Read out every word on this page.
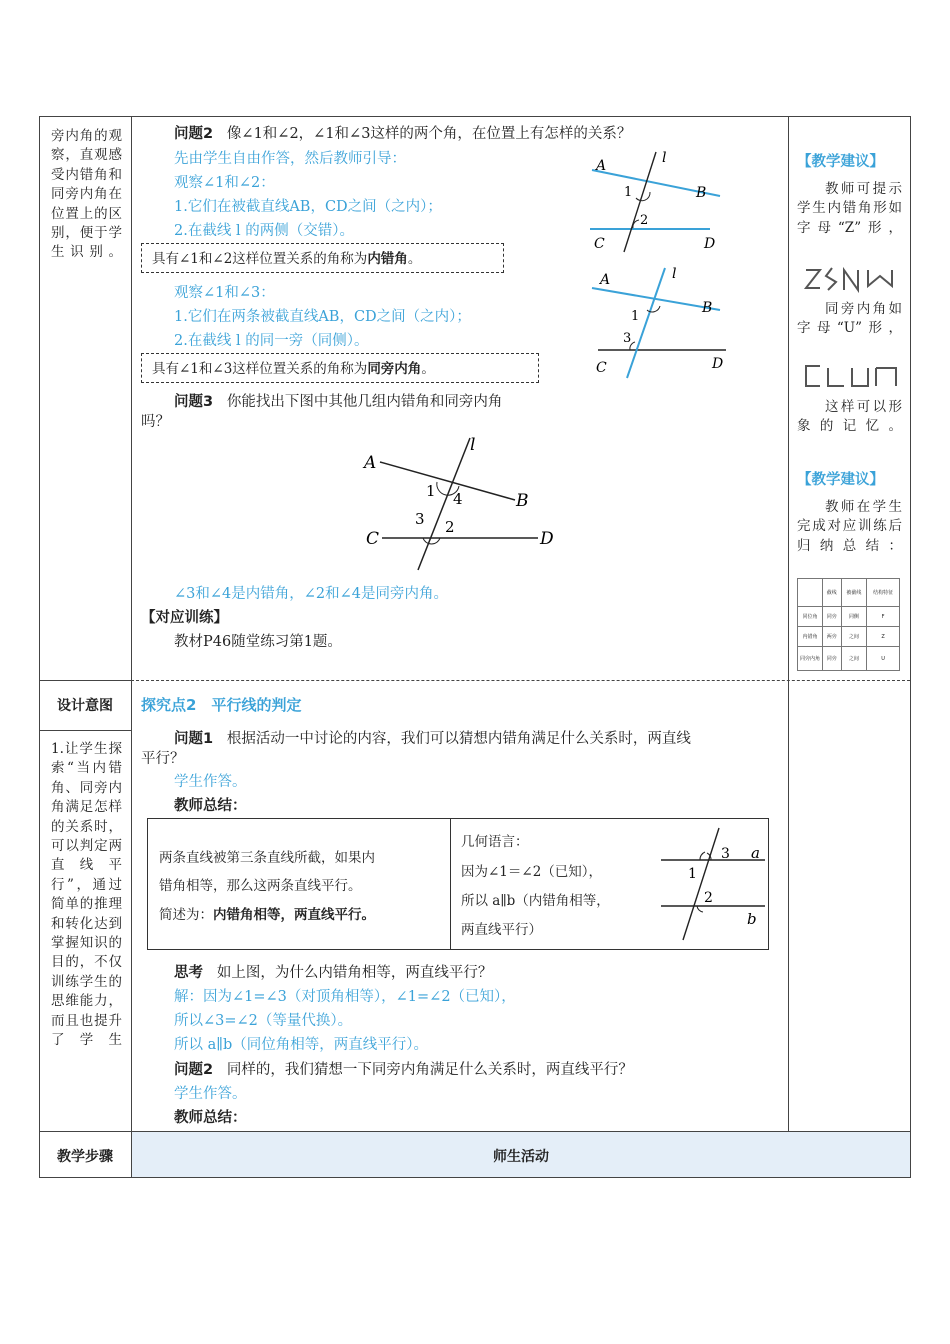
旁内角的观察，直观感受内错角和同旁内角在位置上的区别，便于学生识别。
设计意图
1.让学生探索“当内错角、同旁内角满足怎样的关系时，可以判定两直线平行”，通过简单的推理和转化达到掌握知识的目的，不仅训练学生的思维能力，而且也提升了学生
问题2 像∠1和∠2，∠1和∠3这样的两个角，在位置上有怎样的关系？
先由学生自由作答，然后教师引导：
观察∠1和∠2：
1.它们在被截直线AB，CD之间（之内）；
2.在截线 l 的两侧（交错）。
具有∠1和∠2这样位置关系的角称为内错角。
观察∠1和∠3：
1.它们在两条被截直线AB，CD之间（之内）；
2.在截线 l 的同一旁（同侧）。
具有∠1和∠3这样位置关系的角称为同旁内角。
问题3 你能找出下图中其他几组内错角和同旁内角
吗？
A	l
B
1
2
C	D
A	l
B
1
3
C	D
A
l
B
1 4
3 2
C	D
∠3和∠4是内错角，∠2和∠4是同旁内角。
【对应训练】
教材P46随堂练习第1题。
探究点2　平行线的判定
问题1 根据活动一中讨论的内容，我们可以猜想内错角满足什么关系时，两直线
平行？
学生作答。
教师总结：
两条直线被第三条直线所截，如果内
错角相等，那么这两条直线平行。
简述为：内错角相等，两直线平行。
几何语言：
因为∠1＝∠2（已知），
所以 a∥b（内错角相等，
两直线平行）
3 a
1
2
b
思考 如上图，为什么内错角相等，两直线平行？
解：因为∠1=∠3（对顶角相等），∠1=∠2（已知），
所以∠3=∠2（等量代换）。
所以 a∥b（同位角相等，两直线平行）。
问题2 同样的，我们猜想一下同旁内角满足什么关系时，两直线平行？
学生作答。
教师总结：
【教学建议】
教师可提示学生内错角形如字母“Z”形，
同旁内角如字母“U”形，
这样可以形象的记忆。
【教学建议】
教师在学生完成对应训练后归纳总结：
	截线	被截线	结构特征
同位角	同旁	同侧	F
内错角	两旁	之间	Z
同旁内角	同旁	之间	U
教学步骤	师生活动
